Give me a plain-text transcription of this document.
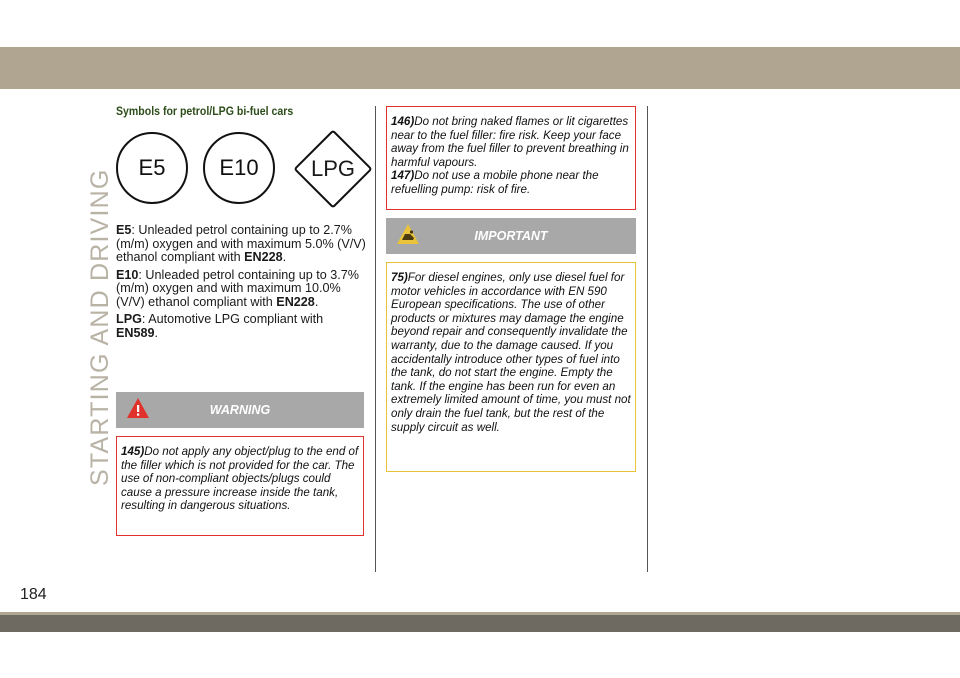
STARTING AND DRIVING
184
Symbols for petrol/LPG bi-fuel cars
E5 E10 LPG

E5: Unleaded petrol containing up to 2.7% (m/m) oxygen and with maximum 5.0% (V/V) ethanol compliant with EN228.

E10: Unleaded petrol containing up to 3.7% (m/m) oxygen and with maximum 10.0% (V/V) ethanol compliant with EN228.

LPG: Automotive LPG compliant with EN589.

WARNING

145)Do not apply any object/plug to the end of the filler which is not provided for the car. The use of non-compliant objects/plugs could cause a pressure increase inside the tank, resulting in dangerous situations.

146)Do not bring naked flames or lit cigarettes near to the fuel filler: fire risk. Keep your face away from the fuel filler to prevent breathing in harmful vapours.

147)Do not use a mobile phone near the refuelling pump: risk of fire.

IMPORTANT

75)For diesel engines, only use diesel fuel for motor vehicles in accordance with EN 590 European specifications. The use of other products or mixtures may damage the engine beyond repair and consequently invalidate the warranty, due to the damage caused. If you accidentally introduce other types of fuel into the tank, do not start the engine. Empty the tank. If the engine has been run for even an extremely limited amount of time, you must not only drain the fuel tank, but the rest of the supply circuit as well.
